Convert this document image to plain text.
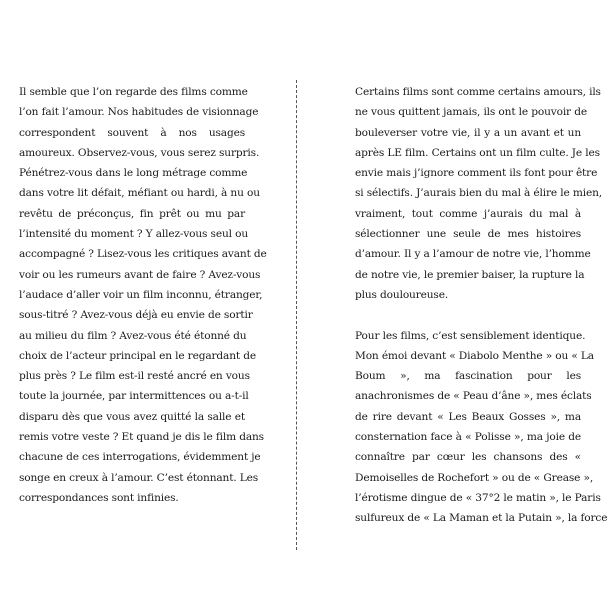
Il semble que l’on regarde des films comme
l’on fait l’amour. Nos habitudes de visionnage
correspondent souvent à nos usages
amoureux. Observez-vous, vous serez surpris.
Pénétrez-vous dans le long métrage comme
dans votre lit défait, méfiant ou hardi, à nu ou
revêtu de préconçus, fin prêt ou mu par
l’intensité du moment ? Y allez-vous seul ou
accompagné ? Lisez-vous les critiques avant de
voir ou les rumeurs avant de faire ? Avez-vous
l’audace d’aller voir un film inconnu, étranger,
sous-titré ? Avez-vous déjà eu envie de sortir
au milieu du film ? Avez-vous été étonné du
choix de l’acteur principal en le regardant de
plus près ? Le film est-il resté ancré en vous
toute la journée, par intermittences ou a-t-il
disparu dès que vous avez quitté la salle et
remis votre veste ? Et quand je dis le film dans
chacune de ces interrogations, évidemment je
songe en creux à l’amour. C’est étonnant. Les
correspondances sont infinies.
Certains films sont comme certains amours, ils
ne vous quittent jamais, ils ont le pouvoir de
bouleverser votre vie, il y a un avant et un
après LE film. Certains ont un film culte. Je les
envie mais j’ignore comment ils font pour être
si sélectifs. J’aurais bien du mal à élire le mien,
vraiment, tout comme j’aurais du mal à
sélectionner une seule de mes histoires
d’amour. Il y a l’amour de notre vie, l’homme
de notre vie, le premier baiser, la rupture la
plus douloureuse.
Pour les films, c’est sensiblement identique.
Mon émoi devant « Diabolo Menthe » ou « La
Boum », ma fascination pour les
anachronismes de « Peau d’âne », mes éclats
de rire devant « Les Beaux Gosses », ma
consternation face à « Polisse », ma joie de
connaître par cœur les chansons des «
Demoiselles de Rochefort » ou de « Grease »,
l’érotisme dingue de « 37°2 le matin », le Paris
sulfureux de « La Maman et la Putain », la force
